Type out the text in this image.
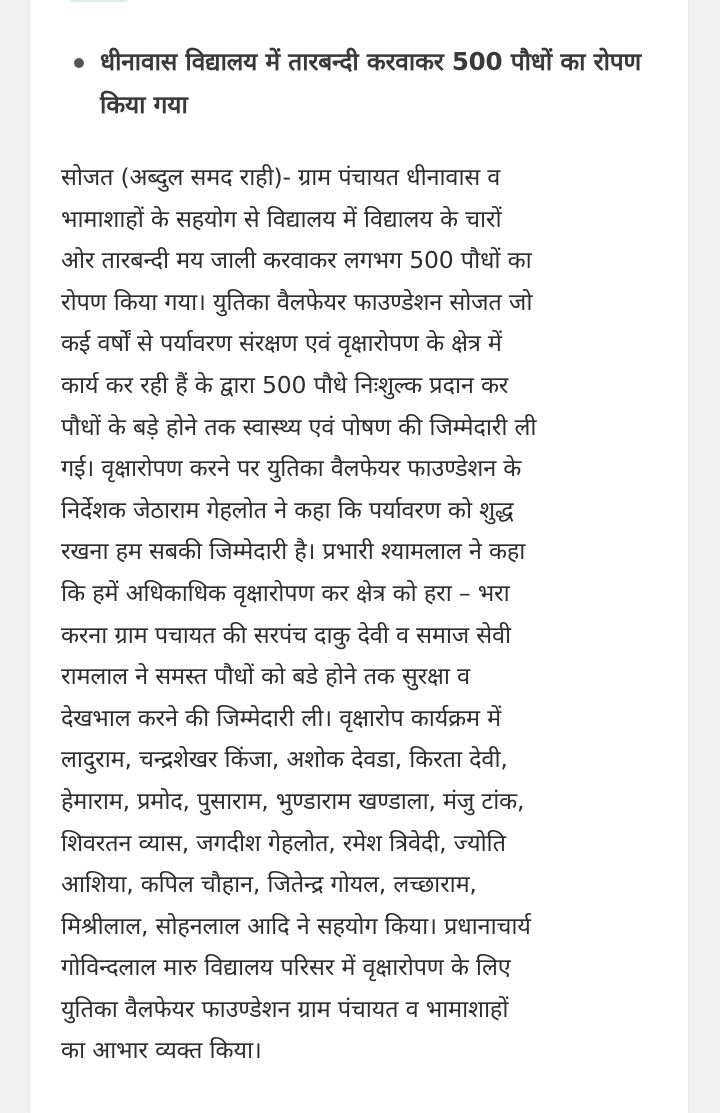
धीनावास विद्यालय में तारबन्दी करवाकर 500 पौधों का रोपण किया गया

सोजत (अब्दुल समद राही)- ग्राम पंचायत धीनावास व
भामाशाहों के सहयोग से विद्यालय में विद्यालय के चारों
ओर तारबन्दी मय जाली करवाकर लगभग 500 पौधों का
रोपण किया गया। युतिका वैलफेयर फाउण्डेशन सोजत जो
कई वर्षों से पर्यावरण संरक्षण एवं वृक्षारोपण के क्षेत्र में
कार्य कर रही हैं के द्वारा 500 पौधे निःशुल्क प्रदान कर
पौधों के बड़े होने तक स्वास्थ्य एवं पोषण की जिम्मेदारी ली
गई। वृक्षारोपण करने पर युतिका वैलफेयर फाउण्डेशन के
निर्देशक जेठाराम गेहलोत ने कहा कि पर्यावरण को शुद्ध
रखना हम सबकी जिम्मेदारी है। प्रभारी श्यामलाल ने कहा
कि हमें अधिकाधिक वृक्षारोपण कर क्षेत्र को हरा – भरा
करना ग्राम पचायत की सरपंच दाकु देवी व समाज सेवी
रामलाल ने समस्त पौधों को बडे होने तक सुरक्षा व
देखभाल करने की जिम्मेदारी ली। वृक्षारोप कार्यक्रम में
लादुराम, चन्द्रशेखर किंजा, अशोक देवडा, किरता देवी,
हेमाराम, प्रमोद, पुसाराम, भुण्डाराम खण्डाला, मंजु टांक,
शिवरतन व्यास, जगदीश गेहलोत, रमेश त्रिवेदी, ज्योति
आशिया, कपिल चौहान, जितेन्द्र गोयल, लच्छाराम,
मिश्रीलाल, सोहनलाल आदि ने सहयोग किया। प्रधानाचार्य
गोविन्दलाल मारु विद्यालय परिसर में वृक्षारोपण के लिए
युतिका वैलफेयर फाउण्डेशन ग्राम पंचायत व भामाशाहों
का आभार व्यक्त किया।
